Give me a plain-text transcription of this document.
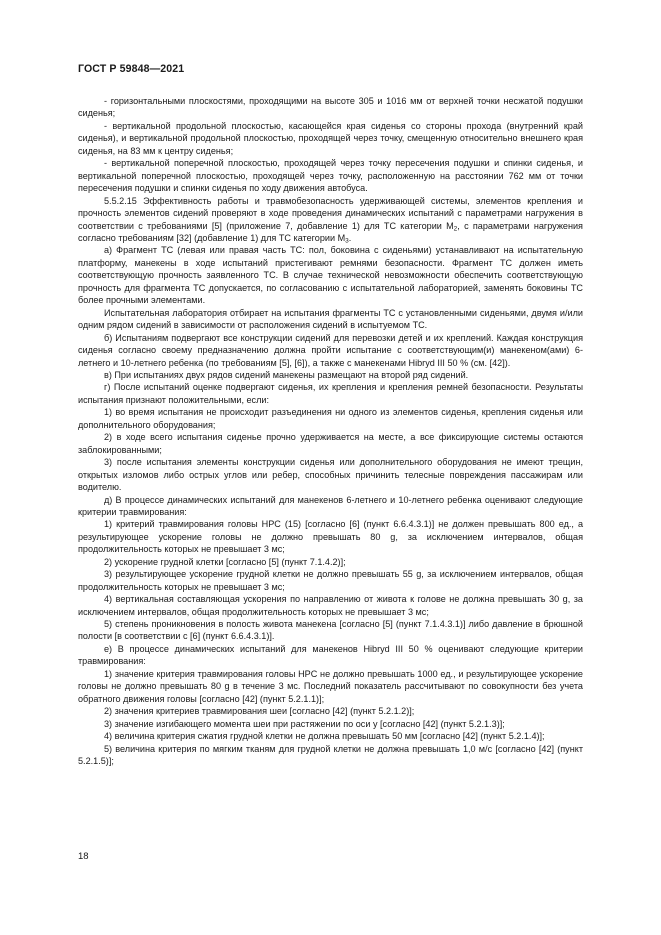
ГОСТ Р 59848—2021

- горизонтальными плоскостями, проходящими на высоте 305 и 1016 мм от верхней точки несжатой подушки сиденья;

- вертикальной продольной плоскостью, касающейся края сиденья со стороны прохода (внутренний край сиденья), и вертикальной продольной плоскостью, проходящей через точку, смещенную относительно внешнего края сиденья, на 83 мм к центру сиденья;

- вертикальной поперечной плоскостью, проходящей через точку пересечения подушки и спинки сиденья, и вертикальной поперечной плоскостью, проходящей через точку, расположенную на расстоянии 762 мм от точки пересечения подушки и спинки сиденья по ходу движения автобуса.

5.5.2.15 Эффективность работы и травмобезопасность удерживающей системы, элементов крепления и прочность элементов сидений проверяют в ходе проведения динамических испытаний с параметрами нагружения в соответствии с требованиями [5] (приложение 7, добавление 1) для ТС категории $M_2$, с параметрами нагружения согласно требованиям [32] (добавление 1) для ТС категории $M_3$.

а) Фрагмент ТС (левая или правая часть ТС: пол, боковина с сиденьями) устанавливают на испытательную платформу, манекены в ходе испытаний пристегивают ремнями безопасности. Фрагмент ТС должен иметь соответствующую прочность заявленного ТС. В случае технической невозможности обеспечить соответствующую прочность для фрагмента ТС допускается, по согласованию с испытательной лабораторией, заменять боковины ТС более прочными элементами.

Испытательная лаборатория отбирает на испытания фрагменты ТС с установленными сиденьями, двумя и/или одним рядом сидений в зависимости от расположения сидений в испытуемом ТС.

б) Испытаниям подвергают все конструкции сидений для перевозки детей и их креплений. Каждая конструкция сиденья согласно своему предназначению должна пройти испытание с соответствующим(и) манекеном(ами) 6-летнего и 10-летнего ребенка (по требованиям [5], [6]), а также с манекенами Hibryd III 50 % (см. [42]).

в) При испытаниях двух рядов сидений манекены размещают на второй ряд сидений.

г) После испытаний оценке подвергают сиденья, их крепления и крепления ремней безопасности. Результаты испытания признают положительными, если:

1) во время испытания не происходит разъединения ни одного из элементов сиденья, крепления сиденья или дополнительного оборудования;

2) в ходе всего испытания сиденье прочно удерживается на месте, а все фиксирующие системы остаются заблокированными;

3) после испытания элементы конструкции сиденья или дополнительного оборудования не имеют трещин, открытых изломов либо острых углов или ребер, способных причинить телесные повреждения пассажирам или водителю.

д) В процессе динамических испытаний для манекенов 6-летнего и 10-летнего ребенка оценивают следующие критерии травмирования:

1) критерий травмирования головы HPC (15) [согласно [6] (пункт 6.6.4.3.1)] не должен превышать 800 ед., а результирующее ускорение головы не должно превышать 80 g, за исключением интервалов, общая продолжительность которых не превышает 3 мс;

2) ускорение грудной клетки [согласно [5] (пункт 7.1.4.2)];

3) результирующее ускорение грудной клетки не должно превышать 55 g, за исключением интервалов, общая продолжительность которых не превышает 3 мс;

4) вертикальная составляющая ускорения по направлению от живота к голове не должна превышать 30 g, за исключением интервалов, общая продолжительность которых не превышает 3 мс;

5) степень проникновения в полость живота манекена [согласно [5] (пункт 7.1.4.3.1)] либо давление в брюшной полости [в соответствии с [6] (пункт 6.6.4.3.1)].

е) В процессе динамических испытаний для манекенов Hibryd III 50 % оценивают следующие критерии травмирования:

1) значение критерия травмирования головы HPC не должно превышать 1000 ед., и результирующее ускорение головы не должно превышать 80 g в течение 3 мс. Последний показатель рассчитывают по совокупности без учета обратного движения головы [согласно [42] (пункт 5.2.1.1)];

2) значения критериев травмирования шеи [согласно [42] (пункт 5.2.1.2)];

3) значение изгибающего момента шеи при растяжении по оси y [согласно [42] (пункт 5.2.1.3)];

4) величина критерия сжатия грудной клетки не должна превышать 50 мм [согласно [42] (пункт 5.2.1.4)];

5) величина критерия по мягким тканям для грудной клетки не должна превышать 1,0 м/с [согласно [42] (пункт 5.2.1.5)];

18
